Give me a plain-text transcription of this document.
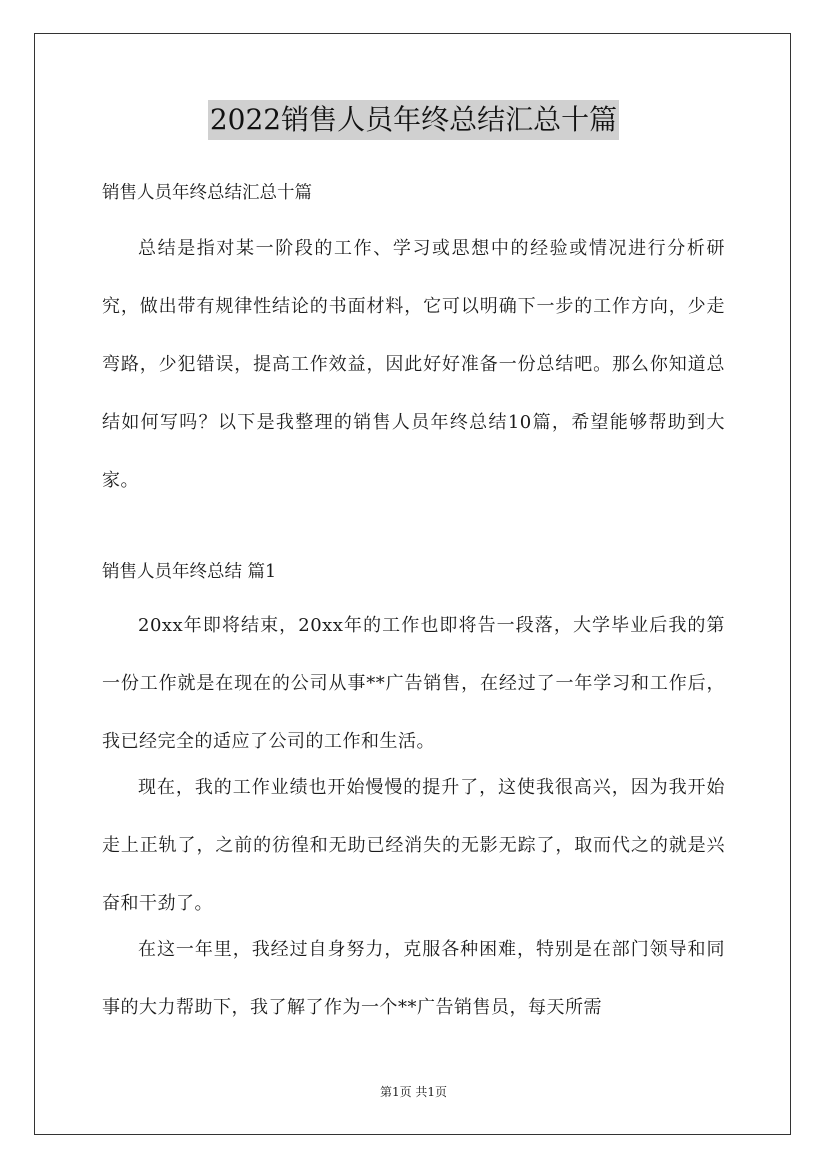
2022销售人员年终总结汇总十篇
销售人员年终总结汇总十篇

总结是指对某一阶段的工作、学习或思想中的经验或情况进行分析研究，做出带有规律性结论的书面材料，它可以明确下一步的工作方向，少走弯路，少犯错误，提高工作效益，因此好好准备一份总结吧。那么你知道总结如何写吗？以下是我整理的销售人员年终总结10篇，希望能够帮助到大家。

销售人员年终总结 篇1

20xx年即将结束，20xx年的工作也即将告一段落，大学毕业后我的第一份工作就是在现在的公司从事**广告销售，在经过了一年学习和工作后，我已经完全的适应了公司的工作和生活。

现在，我的工作业绩也开始慢慢的提升了，这使我很高兴，因为我开始走上正轨了，之前的彷徨和无助已经消失的无影无踪了，取而代之的就是兴奋和干劲了。

在这一年里，我经过自身努力，克服各种困难，特别是在部门领导和同事的大力帮助下，我了解了作为一个**广告销售员，每天所需

第1页 共1页
